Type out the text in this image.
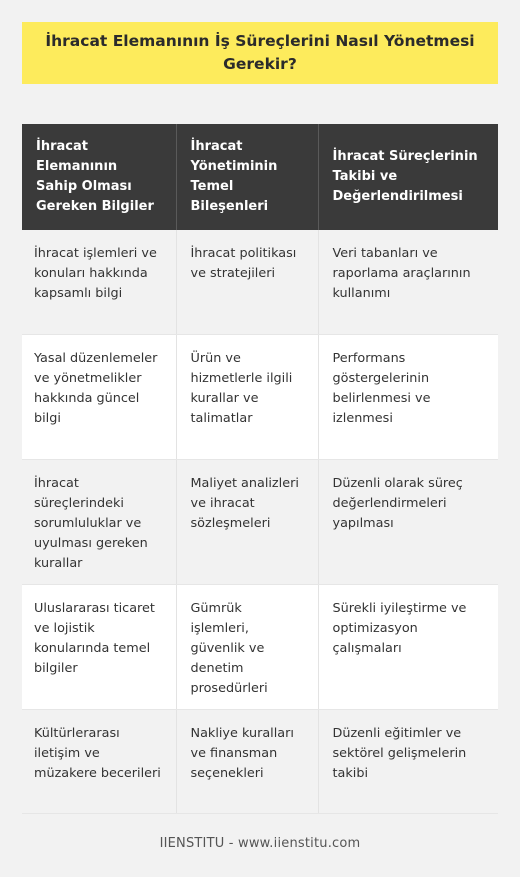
İhracat Elemanının İş Süreçlerini Nasıl Yönetmesi Gerekir?
İhracat Elemanının Sahip Olması Gereken Bilgiler	İhracat Yönetiminin Temel Bileşenleri	İhracat Süreçlerinin Takibi ve Değerlendirilmesi
İhracat işlemleri ve konuları hakkında kapsamlı bilgi	İhracat politikası ve stratejileri	Veri tabanları ve raporlama araçlarının kullanımı
Yasal düzenlemeler ve yönetmelikler hakkında güncel bilgi	Ürün ve hizmetlerle ilgili kurallar ve talimatlar	Performans göstergelerinin belirlenmesi ve izlenmesi
İhracat süreçlerindeki sorumluluklar ve uyulması gereken kurallar	Maliyet analizleri ve ihracat sözleşmeleri	Düzenli olarak süreç değerlendirmeleri yapılması
Uluslararası ticaret ve lojistik konularında temel bilgiler	Gümrük işlemleri, güvenlik ve denetim prosedürleri	Sürekli iyileştirme ve optimizasyon çalışmaları
Kültürlerarası iletişim ve müzakere becerileri	Nakliye kuralları ve finansman seçenekleri	Düzenli eğitimler ve sektörel gelişmelerin takibi
IIENSTITU - www.iienstitu.com
